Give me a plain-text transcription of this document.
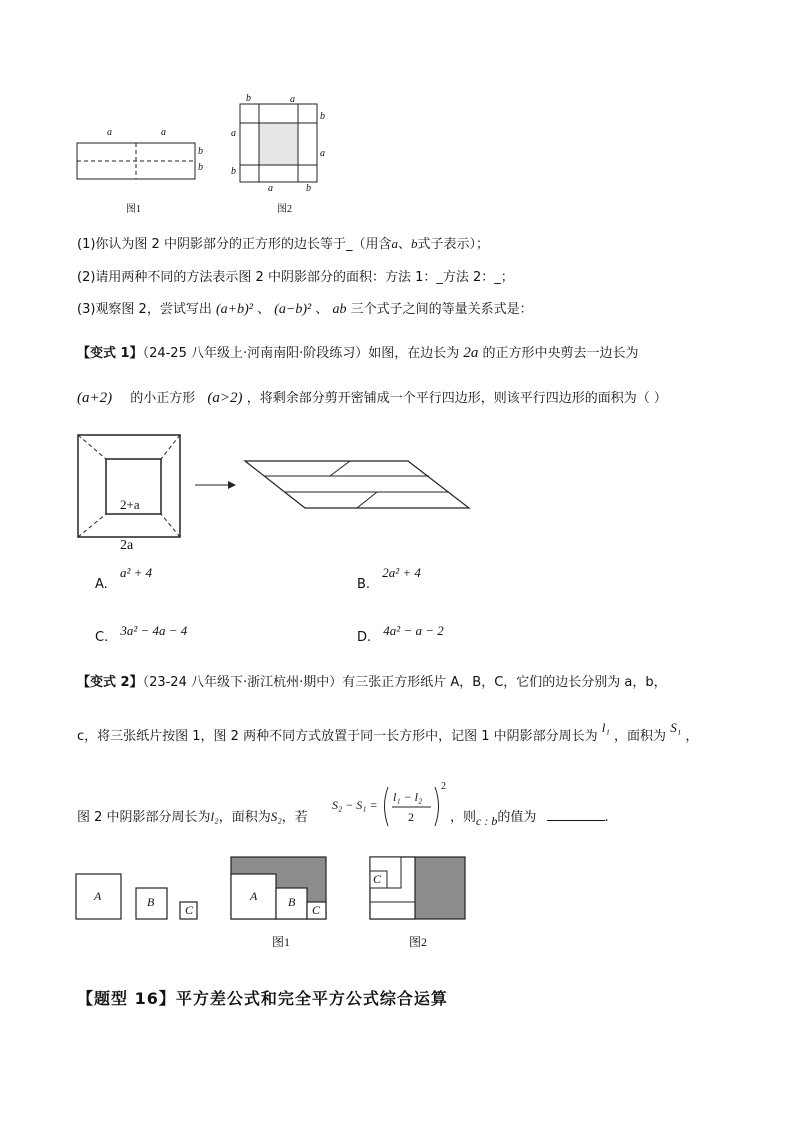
a	a
b
b
图1
b	a
b
a
a
b
a	b
图2
(1)你认为图 2 中阴影部分的正方形的边长等于_（用含a、b式子表示）；
(2)请用两种不同的方法表示图 2 中阴影部分的面积：方法 1：_方法 2：_；
(3)观察图 2，尝试写出 (a+b)² 、 (a−b)² 、 ab 三个式子之间的等量关系式是：
【变式 1】（24-25 八年级上·河南南阳·阶段练习）如图，在边长为 2a 的正方形中央剪去一边长为
(a+2) 的小正方形 (a>2) ，将剩余部分剪开密铺成一个平行四边形，则该平行四边形的面积为（ ）
2+a
2a
A. a² + 4
B. 2a² + 4
C. 3a² − 4a − 4	D. 4a² − a − 2
【变式 2】（23-24 八年级下·浙江杭州·期中）有三张正方形纸片 A，B，C，它们的边长分别为 a，b，
c，将三张纸片按图 1，图 2 两种不同方式放置于同一长方形中，记图 1 中阴影部分周长为 l₁ ，面积为 S₁ ，
图 2 中阴影部分周长为l₂，面积为S₂，若
S₂ − S₁ =
l₁ − l₂
2
2
，则c : b的值为	.
A	B
C
A	B
C
C
图1	图2
【题型 16】平方差公式和完全平方公式综合运算
